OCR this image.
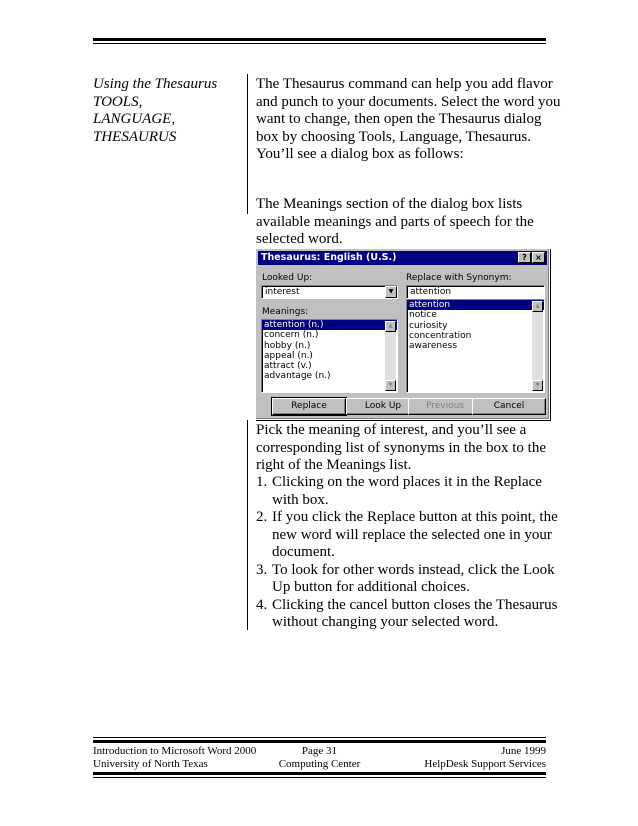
Using the Thesaurus
TOOLS,
LANGUAGE,
THESAURUS
The Thesaurus command can help you add flavor and punch to your documents. Select the word you want to change, then open the Thesaurus dialog box by choosing Tools, Language, Thesaurus. You’ll see a dialog box as follows:
The Meanings section of the dialog box lists available meanings and parts of speech for the selected word.
Thesaurus: English (U.S.)	?	×
Looked Up:
interest	▼
Replace with Synonym:
attention
Meanings:
attention (n.)
concern (n.)
hobby (n.)
appeal (n.)
attract (v.)
advantage (n.)
▲
▼
attention
notice
curiosity
concentration
awareness
▲
▼
Replace	Look Up	Previous	Cancel
Pick the meaning of interest, and you’ll see a corresponding list of synonyms in the box to the right of the Meanings list.
1. Clicking on the word places it in the Replace with box.
2. If you click the Replace button at this point, the new word will replace the selected one in your document.
3. To look for other words instead, click the Look Up button for additional choices.
4. Clicking the cancel button closes the Thesaurus without changing your selected word.
Introduction to Microsoft Word 2000	Page 31	June 1999
University of North Texas	Computing Center	HelpDesk Support Services
